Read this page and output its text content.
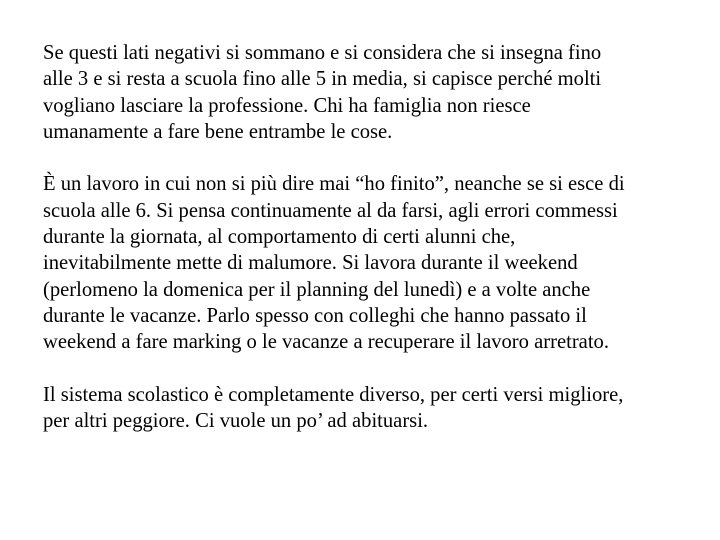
Se questi lati negativi si sommano e si considera che si insegna fino
alle 3 e si resta a scuola fino alle 5 in media, si capisce perché molti
vogliano lasciare la professione. Chi ha famiglia non riesce
umanamente a fare bene entrambe le cose.

È un lavoro in cui non si più dire mai “ho finito”, neanche se si esce di
scuola alle 6. Si pensa continuamente al da farsi, agli errori commessi
durante la giornata, al comportamento di certi alunni che,
inevitabilmente mette di malumore. Si lavora durante il weekend
(perlomeno la domenica per il planning del lunedì) e a volte anche
durante le vacanze. Parlo spesso con colleghi che hanno passato il
weekend a fare marking o le vacanze a recuperare il lavoro arretrato.

Il sistema scolastico è completamente diverso, per certi versi migliore,
per altri peggiore. Ci vuole un po’ ad abituarsi.
